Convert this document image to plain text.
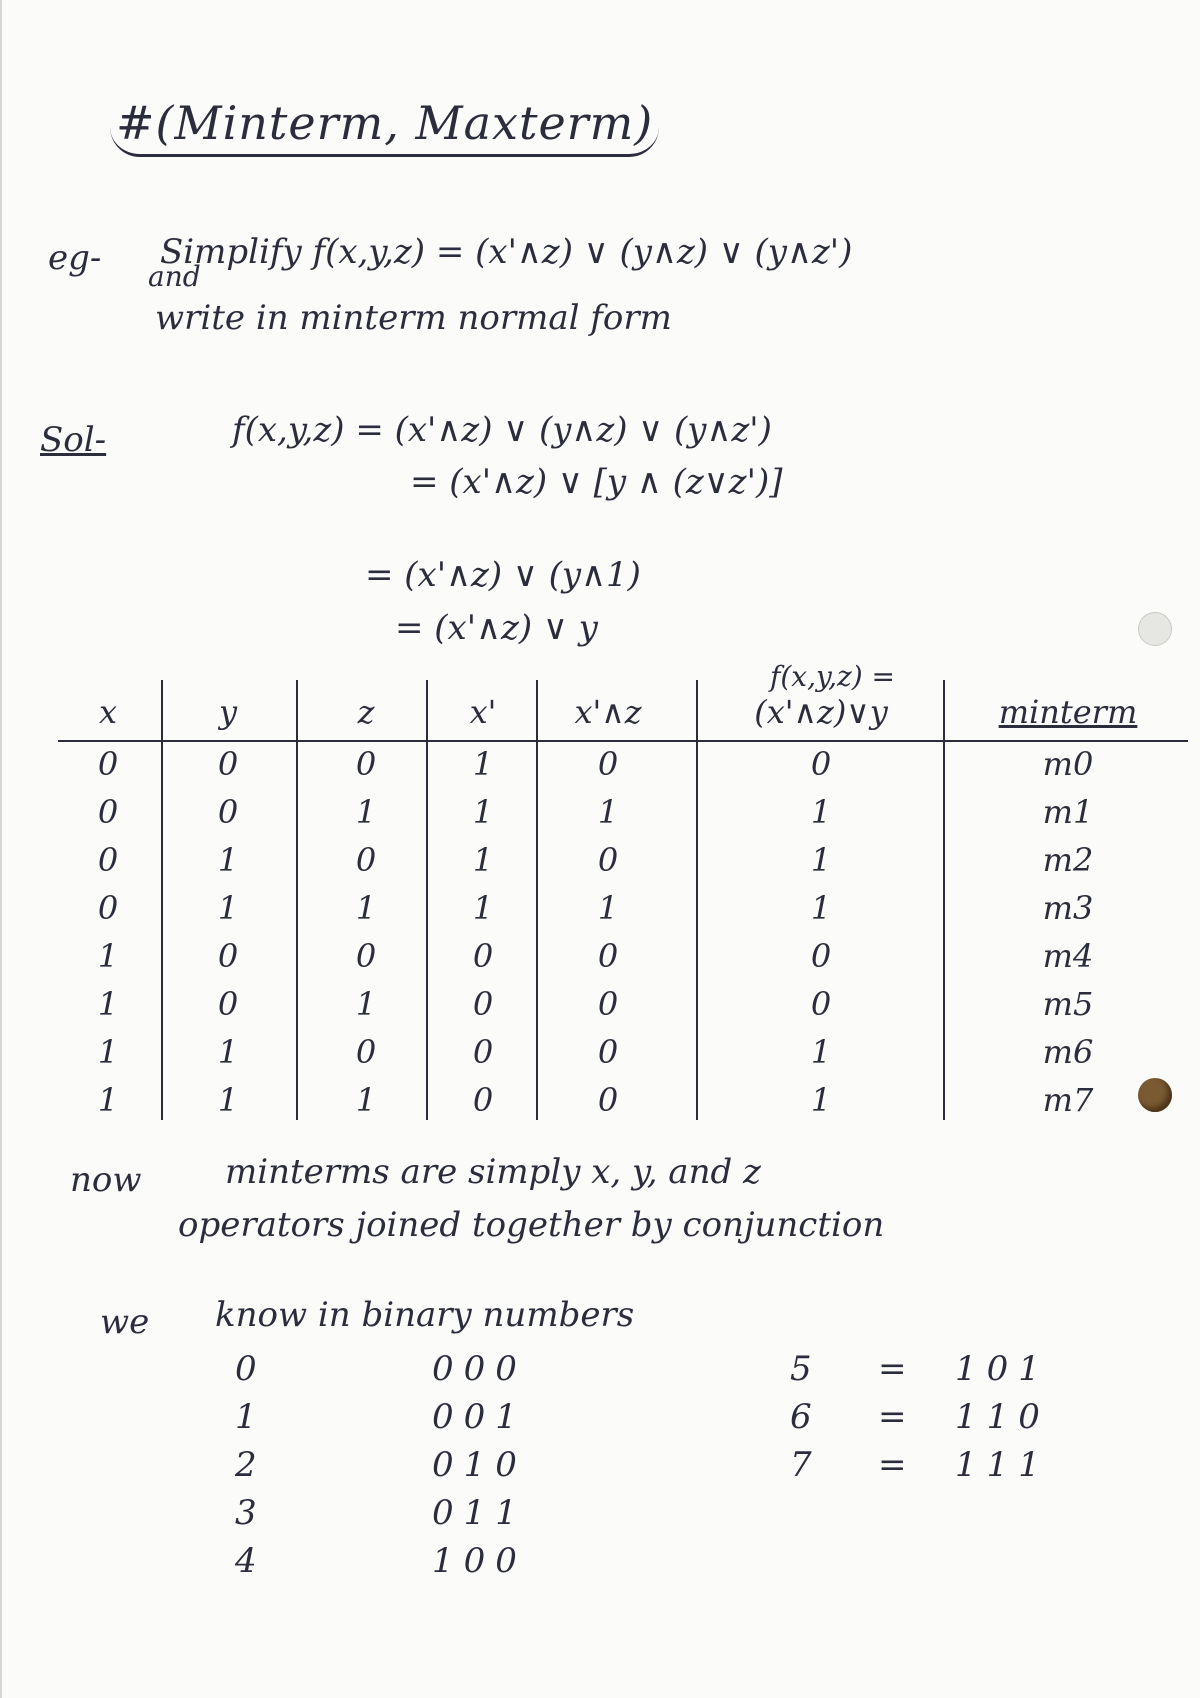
#(Minterm, Maxterm)
eg- Simplify f(x,y,z) = (x'∧z) ∨ (y∧z) ∨ (y∧z')
and
write in minterm normal form
Sol-	f(x,y,z) = (x'∧z) ∨ (y∧z) ∨ (y∧z')
= (x'∧z) ∨ [y ∧ (z∨z')]
= (x'∧z) ∨ (y∧1)
= (x'∧z) ∨ y
f(x,y,z) =
x
0
0
0
0
1
1
1
1
y
0
0
1
1
0
0
1
1
z
0
1
0
1
0
1
0
1
x'
1
1
1
1
0
0
0
0
x'∧z
0
1
0
1
0
0
0
0
(x'∧z)∨y
0
1
1
1
0
0
1
1
minterm
m0
m1
m2
m3
m4
m5
m6
m7
now minterms are simply x, y, and z
operators joined together by conjunction
we know in binary numbers
0
1
2
3
4
000
001
010
011
100
5
6
7
=
=
=
101
110
111
